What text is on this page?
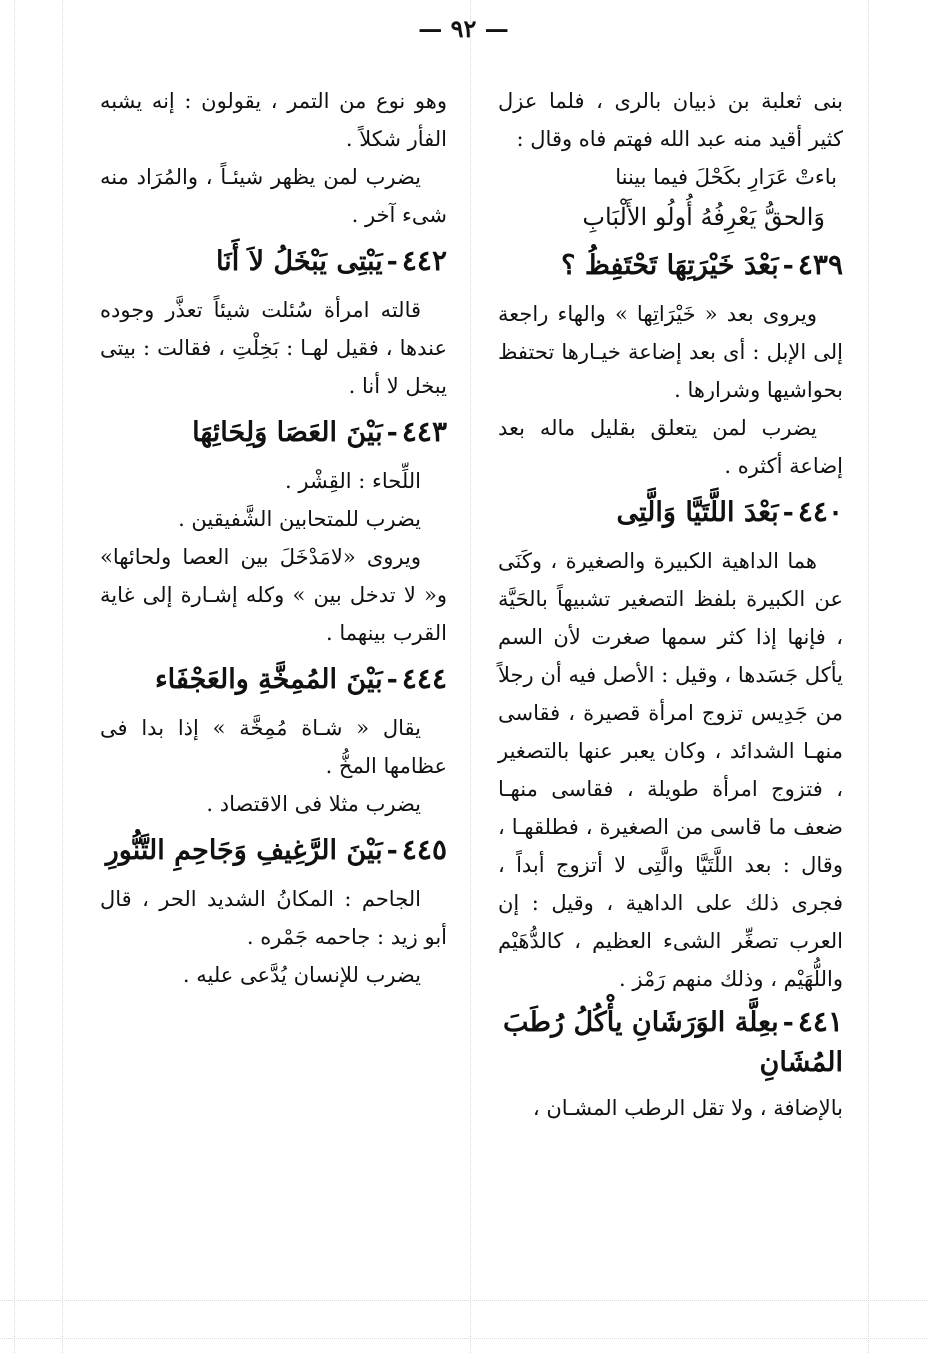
— ٩٢ —

بنى ثعلبة بن ذبيان بالرى ، فلما عزل كثير أقيد منه عبد الله فهتم فاه وقال :

باءتْ عَرَارِ بكَحْلَ فيما بيننا

وَالحقُّ يَعْرِفُهُ أُولُو الأَلْبَابِ

٤٣٩-بَعْدَ خَيْرَتِهَا تَحْتَفِظُ ؟

ويروى بعد « خَيْرَاتِها » والهاء راجعة إلى الإبل : أى بعد إضاعة خيـارها تحتفظ بحواشيها وشرارها .

يضرب لمن يتعلق بقليل ماله بعد إضاعة أكثره .

٤٤٠-بَعْدَ اللَّتَيَّا وَالَّتِى

هما الداهية الكبيرة والصغيرة ، وكَنَى عن الكبيرة بلفظ التصغير تشبيهاً بالحَيَّة ، فإنها إذا كثر سمها صغرت لأن السم يأكل جَسَدها ، وقيل : الأصل فيه أن رجلاً من جَدِيس تزوج امرأة قصيرة ، فقاسى منهـا الشدائد ، وكان يعبر عنها بالتصغير ، فتزوج امرأة طويلة ، فقاسى منهـا ضعف ما قاسى من الصغيرة ، فطلقهـا ، وقال : بعد اللَّتَيَّا والَّتِى لا أتزوج أبداً ، فجرى ذلك على الداهية ، وقيل : إن العرب تصغِّر الشىء العظيم ، كالدُّهَيْم واللُّهَيْم ، وذلك منهم رَمْز .

٤٤١-بعِلَّة الوَرَشَانِ يأْكُلُ رُطَبَ المُشَانِ

بالإضافة ، ولا تقل الرطب المشـان ،

وهو نوع من التمر ، يقولون : إنه يشبه الفأر شكلاً .

يضرب لمن يظهر شيئـاً ، والمُرَاد منه شىء آخر .

٤٤٢-يَبْتِى يَبْخَلُ لاَ أَنَا

قالته امرأة سُئلت شيئاً تعذَّر وجوده عندها ، فقيل لهـا : بَخِلْتِ ، فقالت : بيتى يبخل لا أنا .

٤٤٣-بَيْنَ العَصَا وَلِحَائِهَا

اللِّحاء : القِشْر .

يضرب للمتحابين الشَّفيقين .

ويروى «لامَدْخَلَ بين العصا ولحائها» و« لا تدخل بين » وكله إشـارة إلى غاية القرب بينهما .

٤٤٤-بَيْنَ المُمِخَّةِ والعَجْفَاء

يقال « شـاة مُمِخَّة » إذا بدا فى عظامها المخُّ .

يضرب مثلا فى الاقتصاد .

٤٤٥-بَيْنَ الرَّغِيفِ وَجَاحِمِ التَّنُّورِ

الجاحم : المكانُ الشديد الحر ، قال أبو زيد : جاحمه جَمْره .

يضرب للإنسان يُدَّعى عليه .
